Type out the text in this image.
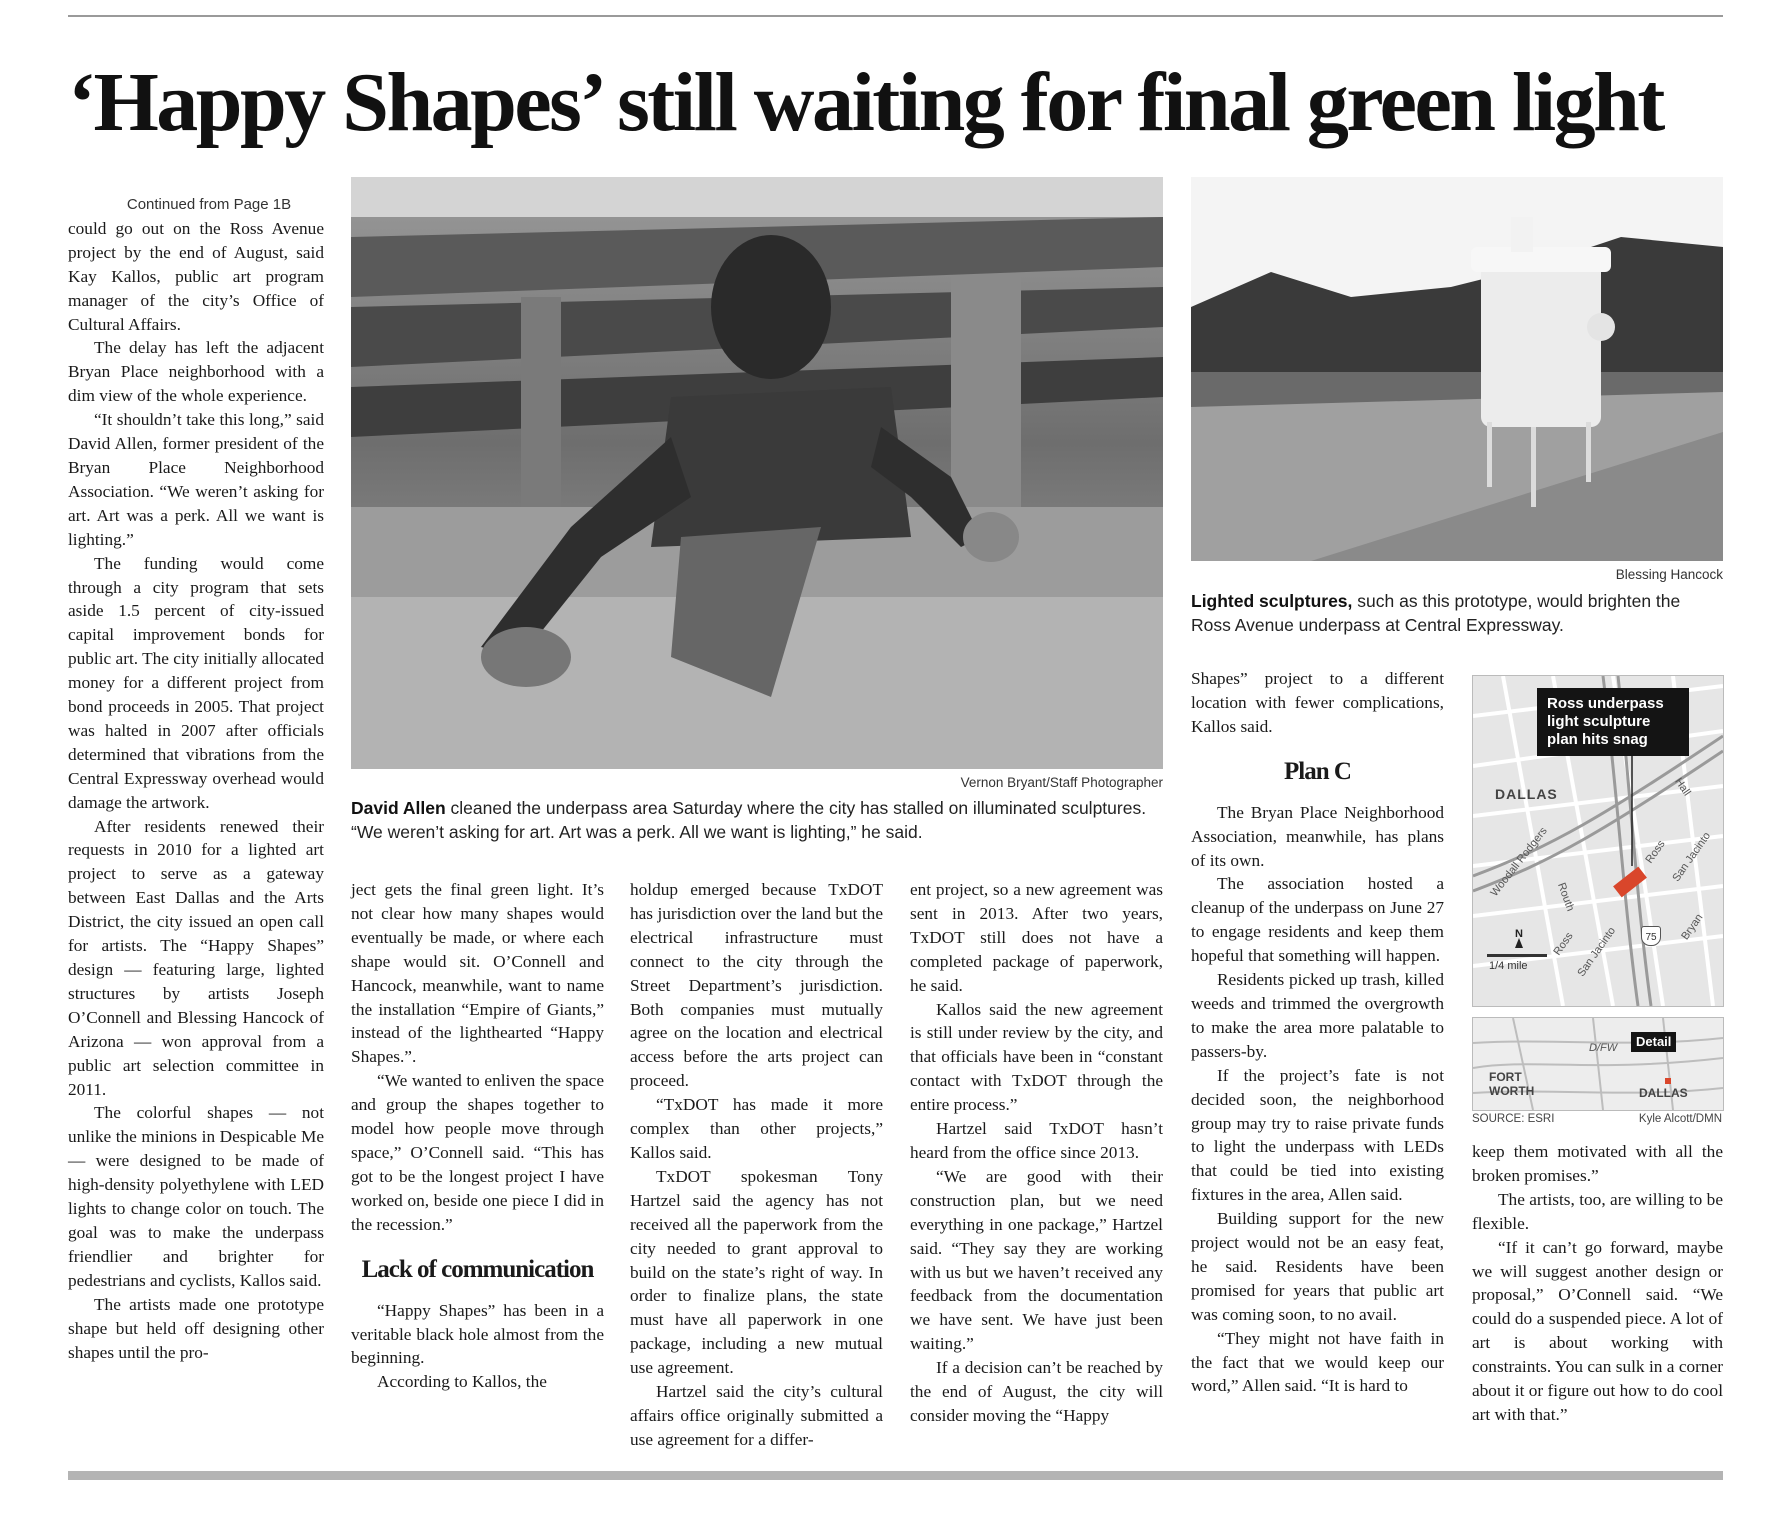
‘Happy Shapes’ still waiting for final green light

Continued from Page 1B

could go out on the Ross Avenue project by the end of August, said Kay Kallos, public art program manager of the city’s Office of Cultural Affairs.

The delay has left the adjacent Bryan Place neighborhood with a dim view of the whole experience.

“It shouldn’t take this long,” said David Allen, former president of the Bryan Place Neighborhood Association. “We weren’t asking for art. Art was a perk. All we want is lighting.”

The funding would come through a city program that sets aside 1.5 percent of city-issued capital improvement bonds for public art. The city initially allocated money for a different project from bond proceeds in 2005. That project was halted in 2007 after officials determined that vibrations from the Central Expressway overhead would damage the artwork.

After residents renewed their requests in 2010 for a lighted art project to serve as a gateway between East Dallas and the Arts District, the city issued an open call for artists. The “Happy Shapes” design — featuring large, lighted structures by artists Joseph O’Connell and Blessing Hancock of Arizona — won approval from a public art selection committee in 2011.

The colorful shapes — not unlike the minions in Despicable Me — were designed to be made of high-density polyethylene with LED lights to change color on touch. The goal was to make the underpass friendlier and brighter for pedestrians and cyclists, Kallos said.

The artists made one prototype shape but held off designing other shapes until the pro-

Vernon Bryant/Staff Photographer
David Allen cleaned the underpass area Saturday where the city has stalled on illuminated sculptures. “We weren’t asking for art. Art was a perk. All we want is lighting,” he said.
Blessing Hancock
Lighted sculptures, such as this prototype, would brighten the Ross Avenue underpass at Central Expressway.

ject gets the final green light. It’s not clear how many shapes would eventually be made, or where each shape would sit. O’Connell and Hancock, meanwhile, want to name the installation “Empire of Giants,” instead of the lighthearted “Happy Shapes.”.

“We wanted to enliven the space and group the shapes together to model how people move through space,” O’Connell said. “This has got to be the longest project I have worked on, beside one piece I did in the recession.”

Lack of communication

“Happy Shapes” has been in a veritable black hole almost from the beginning.

According to Kallos, the

holdup emerged because TxDOT has jurisdiction over the land but the electrical infrastructure must connect to the city through the Street Department’s jurisdiction. Both companies must mutually agree on the location and electrical access before the arts project can proceed.

“TxDOT has made it more complex than other projects,” Kallos said.

TxDOT spokesman Tony Hartzel said the agency has not received all the paperwork from the city needed to grant approval to build on the state’s right of way. In order to finalize plans, the state must have all paperwork in one package, including a new mutual use agreement.

Hartzel said the city’s cultural affairs office originally submitted a use agreement for a differ-

ent project, so a new agreement was sent in 2013. After two years, TxDOT still does not have a completed package of paperwork, he said.

Kallos said the new agreement is still under review by the city, and that officials have been in “constant contact with TxDOT through the entire process.”

Hartzel said TxDOT hasn’t heard from the office since 2013.

“We are good with their construction plan, but we need everything in one package,” Hartzel said. “They say they are working with us but we haven’t received any feedback from the documentation we have sent. We have just been waiting.”

If a decision can’t be reached by the end of August, the city will consider moving the “Happy

Shapes” project to a different location with fewer complications, Kallos said.

Plan C

The Bryan Place Neighborhood Association, meanwhile, has plans of its own.

The association hosted a cleanup of the underpass on June 27 to engage residents and keep them hopeful that something will happen.

Residents picked up trash, killed weeds and trimmed the overgrowth to make the area more palatable to passers-by.

If the project’s fate is not decided soon, the neighborhood group may try to raise private funds to light the underpass with LEDs that could be tied into existing fixtures in the area, Allen said.

Building support for the new project would not be an easy feat, he said. Residents have been promised for years that public art was coming soon, to no avail.

“They might not have faith in the fact that we would keep our word,” Allen said. “It is hard to

Ross underpass light sculpture plan hits snag
DALLAS
Woodall Rodgers Routh
Ross San Jacinto
Hall
Ross San Jacinto
Bryan
75
N
1/4 mile
D/FW	Detail
FORT WORTH	DALLAS
SOURCE: ESRI	Kyle Alcott/DMN

keep them motivated with all the broken promises.”

The artists, too, are willing to be flexible.

“If it can’t go forward, maybe we will suggest another design or proposal,” O’Connell said. “We could do a suspended piece. A lot of art is about working with constraints. You can sulk in a corner about it or figure out how to do cool art with that.”
